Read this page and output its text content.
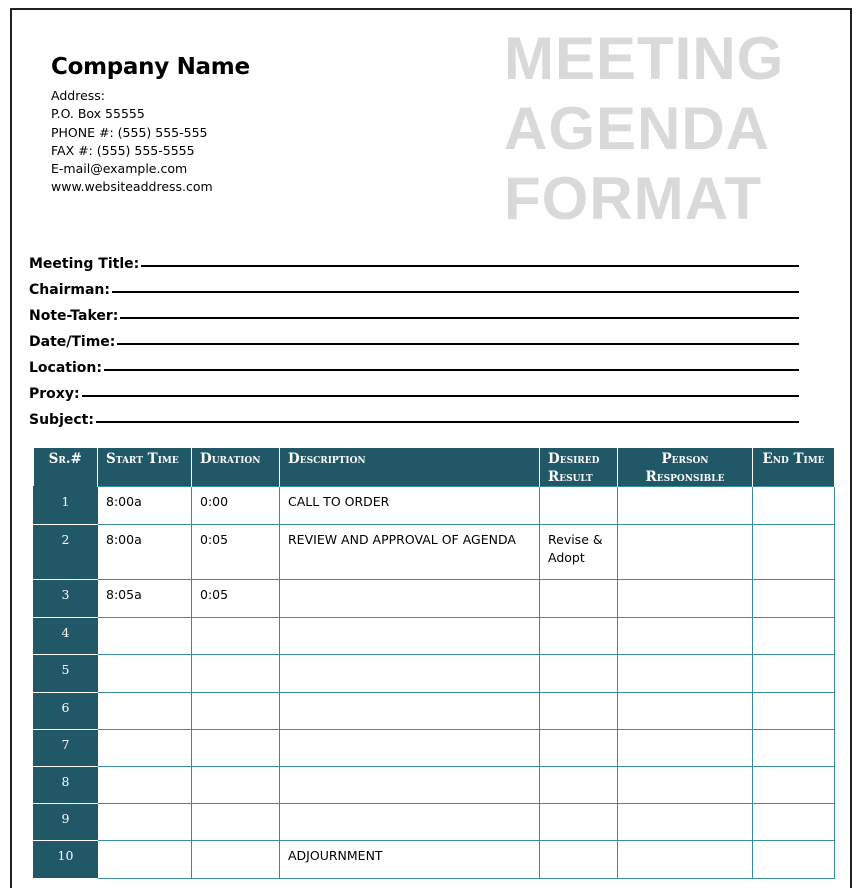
Company Name
Address:
P.O. Box 55555
PHONE #: (555) 555-555
FAX #: (555) 555-5555
E-mail@example.com
www.websiteaddress.com
MEETING
AGENDA
FORMAT
Meeting Title:
Chairman:
Note-Taker:
Date/Time:
Location:
Proxy:
Subject:
Sr.#	Start Time	Duration	Description	Desired Result	Person Responsible	End Time
1	8:00a	0:00	CALL TO ORDER			
2	8:00a	0:05	REVIEW AND APPROVAL OF AGENDA	Revise & Adopt		
3	8:05a	0:05				
4						
5						
6						
7						
8						
9						
10			ADJOURNMENT			
